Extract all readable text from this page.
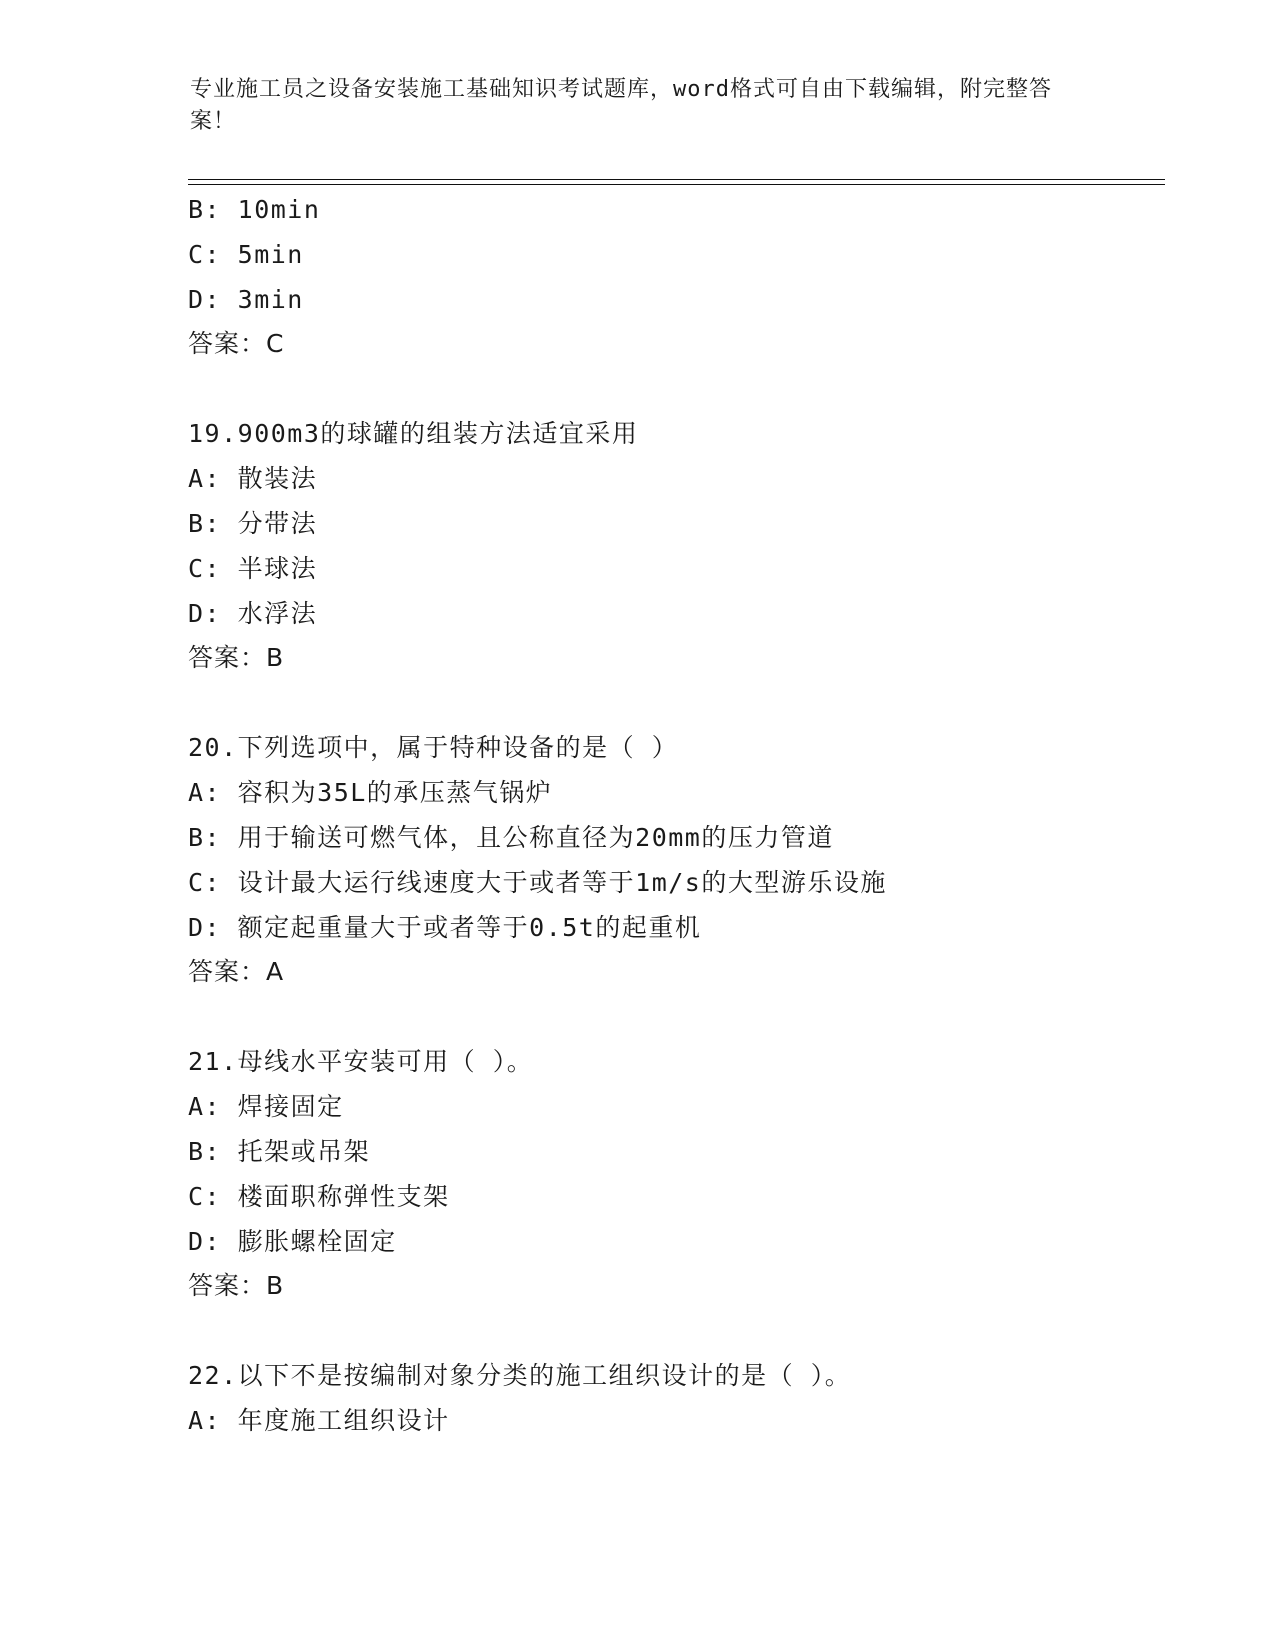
专业施工员之设备安装施工基础知识考试题库，word格式可自由下载编辑，附完整答案！
B: 10min
C: 5min
D: 3min
答案：C
19.900m3的球罐的组装方法适宜采用
A: 散装法
B: 分带法
C: 半球法
D: 水浮法
答案：B
20.下列选项中，属于特种设备的是（ ）
A: 容积为35L的承压蒸气锅炉
B: 用于输送可燃气体，且公称直径为20mm的压力管道
C: 设计最大运行线速度大于或者等于1m/s的大型游乐设施
D: 额定起重量大于或者等于0.5t的起重机
答案：A
21.母线水平安装可用（ ）。
A: 焊接固定
B: 托架或吊架
C: 楼面职称弹性支架
D: 膨胀螺栓固定
答案：B
22.以下不是按编制对象分类的施工组织设计的是（ ）。
A: 年度施工组织设计
